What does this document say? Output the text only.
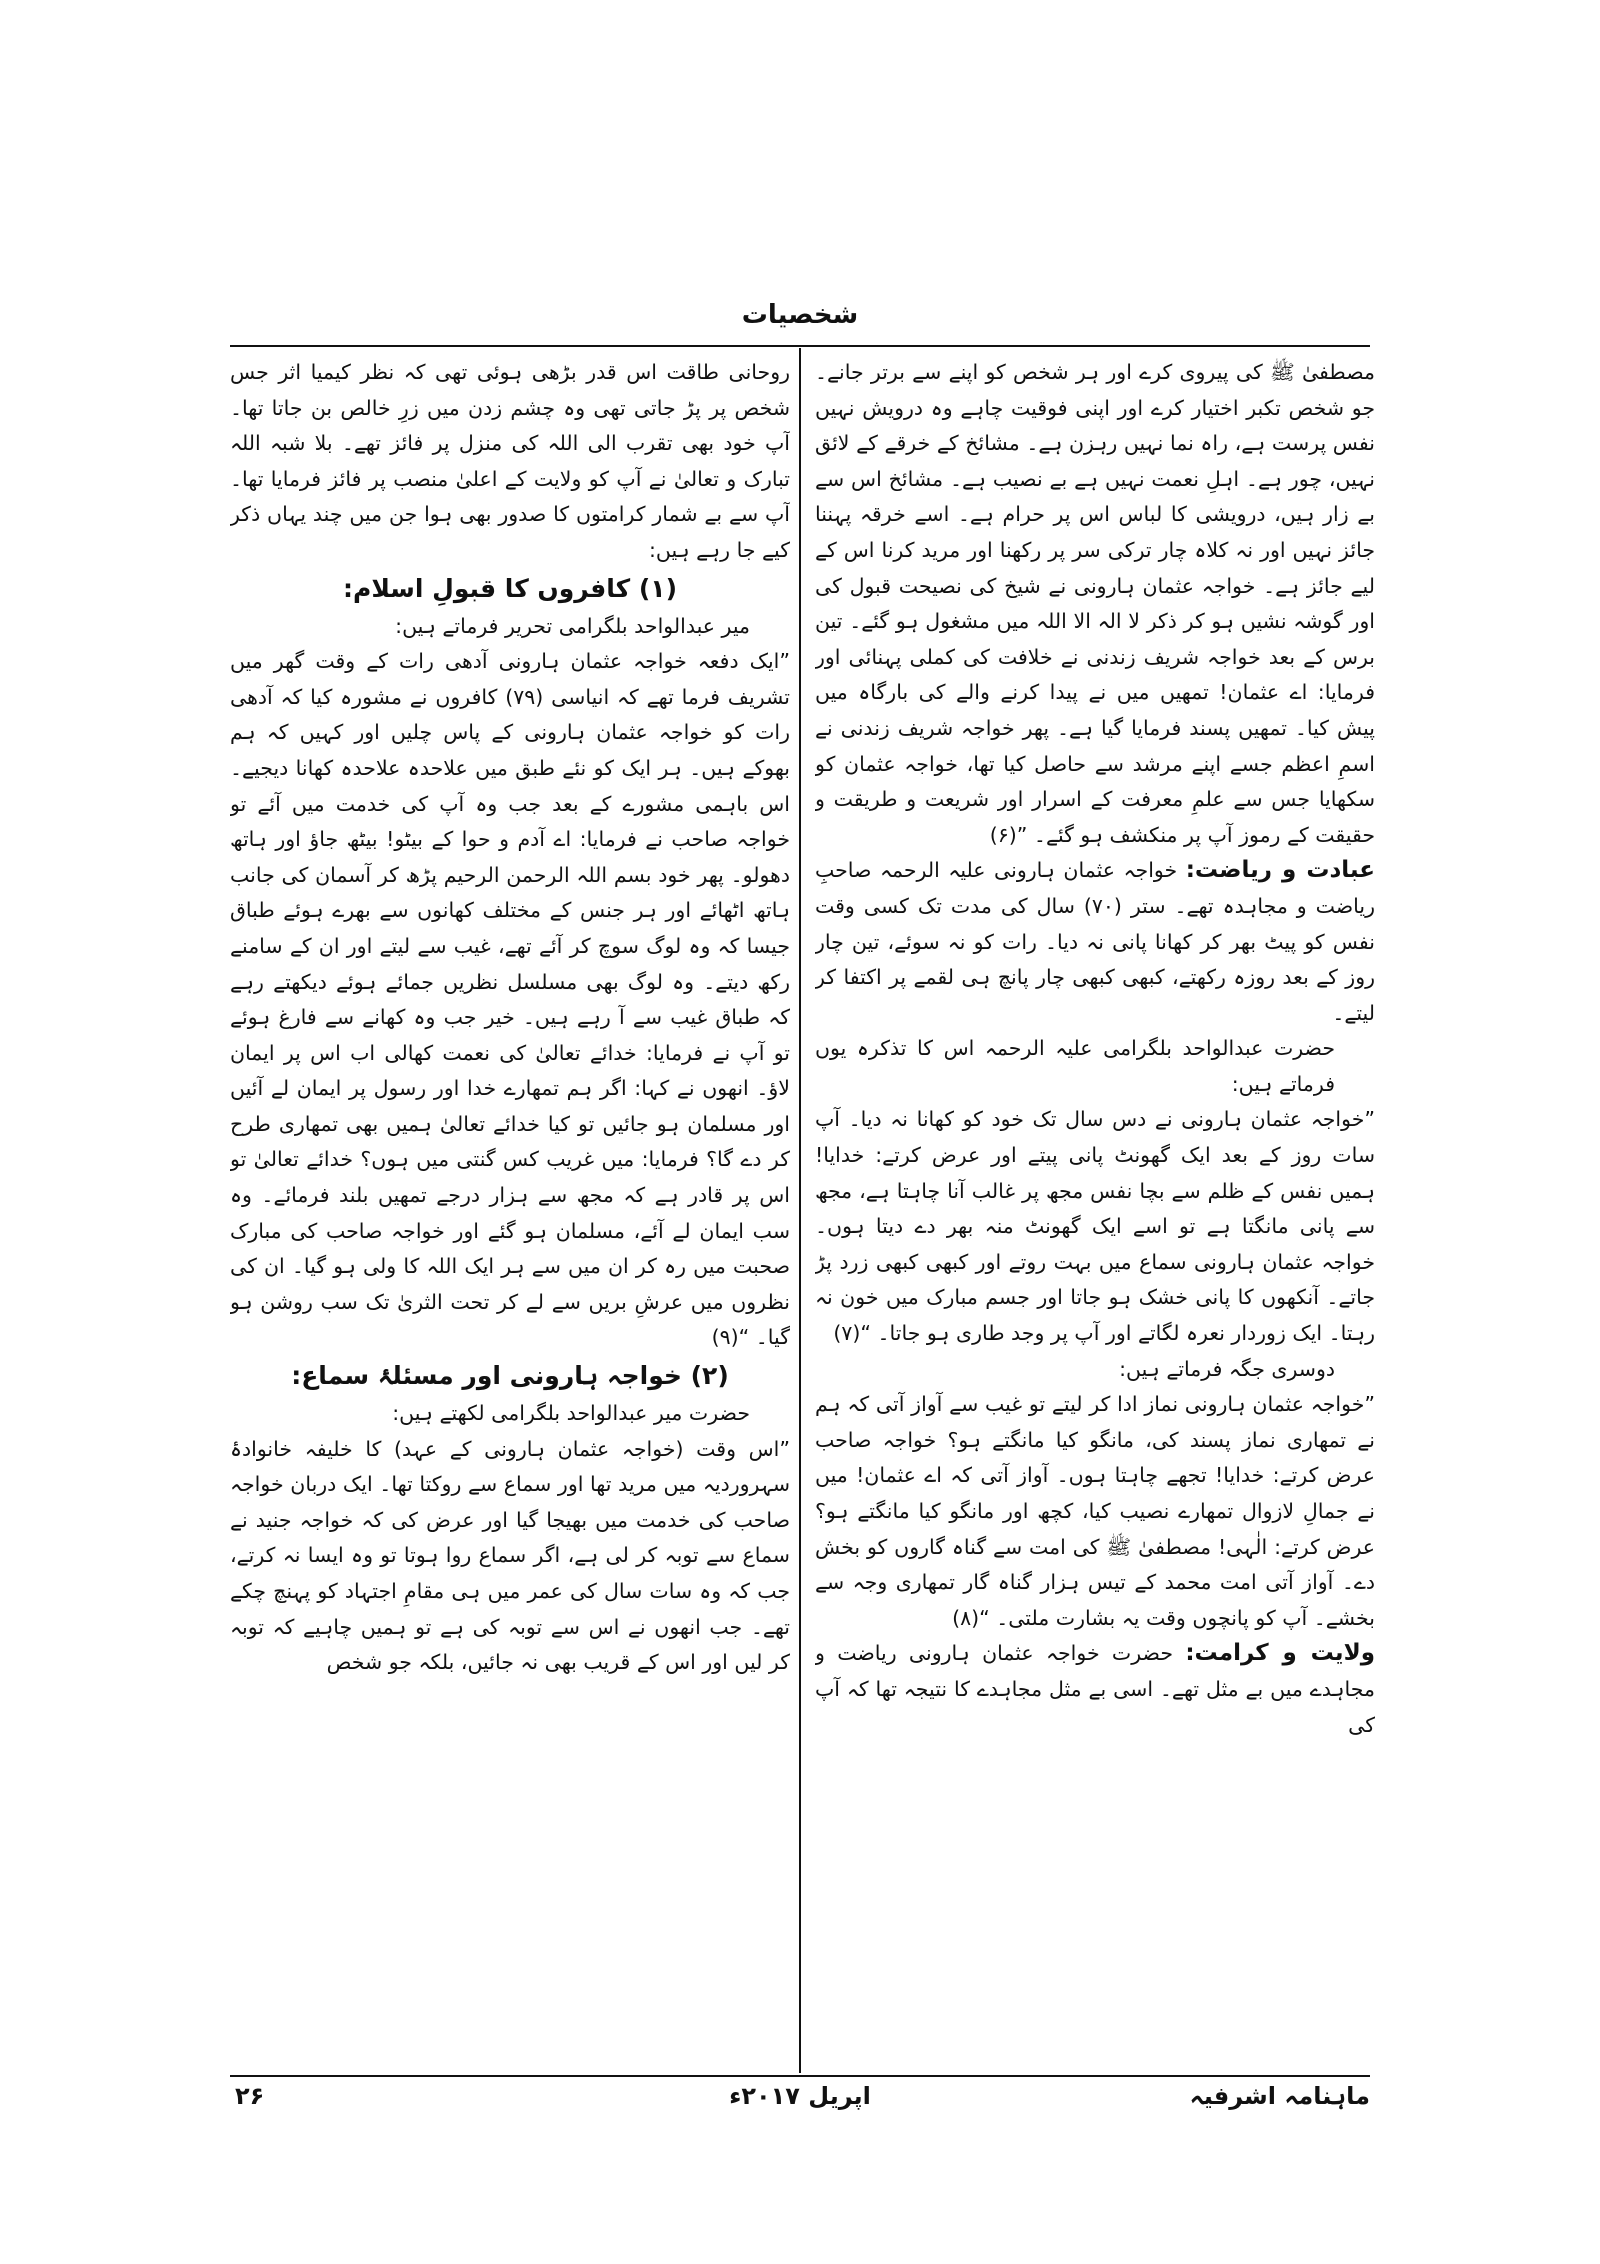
شخصیات

مصطفیٰ ﷺ کی پیروی کرے اور ہر شخص کو اپنے سے برتر جانے۔ جو شخص تکبر اختیار کرے اور اپنی فوقیت چاہے وہ درویش نہیں نفس پرست ہے، راہ نما نہیں رہزن ہے۔ مشائخ کے خرقے کے لائق نہیں، چور ہے۔ اہلِ نعمت نہیں ہے بے نصیب ہے۔ مشائخ اس سے بے زار ہیں، درویشی کا لباس اس پر حرام ہے۔ اسے خرقہ پہننا جائز نہیں اور نہ کلاہ چار ترکی سر پر رکھنا اور مرید کرنا اس کے لیے جائز ہے۔ خواجہ عثمان ہارونی نے شیخ کی نصیحت قبول کی اور گوشہ نشیں ہو کر ذکر لا الہ الا اللہ میں مشغول ہو گئے۔ تین برس کے بعد خواجہ شریف زندنی نے خلافت کی کملی پہنائی اور فرمایا: اے عثمان! تمھیں میں نے پیدا کرنے والے کی بارگاہ میں پیش کیا۔ تمھیں پسند فرمایا گیا ہے۔ پھر خواجہ شریف زندنی نے اسمِ اعظم جسے اپنے مرشد سے حاصل کیا تھا، خواجہ عثمان کو سکھایا جس سے علمِ معرفت کے اسرار اور شریعت و طریقت و حقیقت کے رموز آپ پر منکشف ہو گئے۔ ”(۶)

عبادت و ریاضت: خواجہ عثمان ہارونی علیہ الرحمہ صاحبِ ریاضت و مجاہدہ تھے۔ ستر (۷۰) سال کی مدت تک کسی وقت نفس کو پیٹ بھر کر کھانا پانی نہ دیا۔ رات کو نہ سوئے، تین چار روز کے بعد روزہ رکھتے، کبھی کبھی چار پانچ ہی لقمے پر اکتفا کر لیتے۔

حضرت عبدالواحد بلگرامی علیہ الرحمہ اس کا تذکرہ یوں فرماتے ہیں:

”خواجہ عثمان ہارونی نے دس سال تک خود کو کھانا نہ دیا۔ آپ سات روز کے بعد ایک گھونٹ پانی پیتے اور عرض کرتے: خدایا! ہمیں نفس کے ظلم سے بچا نفس مجھ پر غالب آنا چاہتا ہے، مجھ سے پانی مانگتا ہے تو اسے ایک گھونٹ منہ بھر دے دیتا ہوں۔ خواجہ عثمان ہارونی سماع میں بہت روتے اور کبھی کبھی زرد پڑ جاتے۔ آنکھوں کا پانی خشک ہو جاتا اور جسم مبارک میں خون نہ رہتا۔ ایک زوردار نعرہ لگاتے اور آپ پر وجد طاری ہو جاتا۔ “(۷)

دوسری جگہ فرماتے ہیں:

”خواجہ عثمان ہارونی نماز ادا کر لیتے تو غیب سے آواز آتی کہ ہم نے تمھاری نماز پسند کی، مانگو کیا مانگتے ہو؟ خواجہ صاحب عرض کرتے: خدایا! تجھے چاہتا ہوں۔ آواز آتی کہ اے عثمان! میں نے جمالِ لازوال تمھارے نصیب کیا، کچھ اور مانگو کیا مانگتے ہو؟ عرض کرتے: الٰہی! مصطفیٰ ﷺ کی امت سے گناہ گاروں کو بخش دے۔ آواز آتی امت محمد کے تیس ہزار گناہ گار تمھاری وجہ سے بخشے۔ آپ کو پانچوں وقت یہ بشارت ملتی۔ “(۸)

ولایت و کرامت: حضرت خواجہ عثمان ہارونی ریاضت و مجاہدے میں بے مثل تھے۔ اسی بے مثل مجاہدے کا نتیجہ تھا کہ آپ کی

روحانی طاقت اس قدر بڑھی ہوئی تھی کہ نظر کیمیا اثر جس شخص پر پڑ جاتی تھی وہ چشم زدن میں زرِ خالص بن جاتا تھا۔ آپ خود بھی تقرب الی اللہ کی منزل پر فائز تھے۔ بلا شبہ اللہ تبارک و تعالیٰ نے آپ کو ولایت کے اعلیٰ منصب پر فائز فرمایا تھا۔ آپ سے بے شمار کرامتوں کا صدور بھی ہوا جن میں چند یہاں ذکر کیے جا رہے ہیں:

(۱) کافروں کا قبولِ اسلام:

میر عبدالواحد بلگرامی تحریر فرماتے ہیں:

”ایک دفعہ خواجہ عثمان ہارونی آدھی رات کے وقت گھر میں تشریف فرما تھے کہ انیاسی (۷۹) کافروں نے مشورہ کیا کہ آدھی رات کو خواجہ عثمان ہارونی کے پاس چلیں اور کہیں کہ ہم بھوکے ہیں۔ ہر ایک کو نئے طبق میں علاحدہ علاحدہ کھانا دیجیے۔ اس باہمی مشورے کے بعد جب وہ آپ کی خدمت میں آئے تو خواجہ صاحب نے فرمایا: اے آدم و حوا کے بیٹو! بیٹھ جاؤ اور ہاتھ دھولو۔ پھر خود بسم اللہ الرحمن الرحیم پڑھ کر آسمان کی جانب ہاتھ اٹھائے اور ہر جنس کے مختلف کھانوں سے بھرے ہوئے طباق جیسا کہ وہ لوگ سوچ کر آئے تھے، غیب سے لیتے اور ان کے سامنے رکھ دیتے۔ وہ لوگ بھی مسلسل نظریں جمائے ہوئے دیکھتے رہے کہ طباق غیب سے آ رہے ہیں۔ خیر جب وہ کھانے سے فارغ ہوئے تو آپ نے فرمایا: خدائے تعالیٰ کی نعمت کھالی اب اس پر ایمان لاؤ۔ انھوں نے کہا: اگر ہم تمھارے خدا اور رسول پر ایمان لے آئیں اور مسلمان ہو جائیں تو کیا خدائے تعالیٰ ہمیں بھی تمھاری طرح کر دے گا؟ فرمایا: میں غریب کس گنتی میں ہوں؟ خدائے تعالیٰ تو اس پر قادر ہے کہ مجھ سے ہزار درجے تمھیں بلند فرمائے۔ وہ سب ایمان لے آئے، مسلمان ہو گئے اور خواجہ صاحب کی مبارک صحبت میں رہ کر ان میں سے ہر ایک اللہ کا ولی ہو گیا۔ ان کی نظروں میں عرشِ بریں سے لے کر تحت الثریٰ تک سب روشن ہو گیا۔ “(۹)

(۲) خواجہ ہارونی اور مسئلۂ سماع:

حضرت میر عبدالواحد بلگرامی لکھتے ہیں:

”اس وقت (خواجہ عثمان ہارونی کے عہد) کا خلیفہ خانوادۂ سہروردیہ میں مرید تھا اور سماع سے روکتا تھا۔ ایک دربان خواجہ صاحب کی خدمت میں بھیجا گیا اور عرض کی کہ خواجہ جنید نے سماع سے توبہ کر لی ہے، اگر سماع روا ہوتا تو وہ ایسا نہ کرتے، جب کہ وہ سات سال کی عمر میں ہی مقامِ اجتہاد کو پہنچ چکے تھے۔ جب انھوں نے اس سے توبہ کی ہے تو ہمیں چاہیے کہ توبہ کر لیں اور اس کے قریب بھی نہ جائیں، بلکہ جو شخص

۲۶	اپریل ۲۰۱۷ء	ماہنامہ اشرفیہ
